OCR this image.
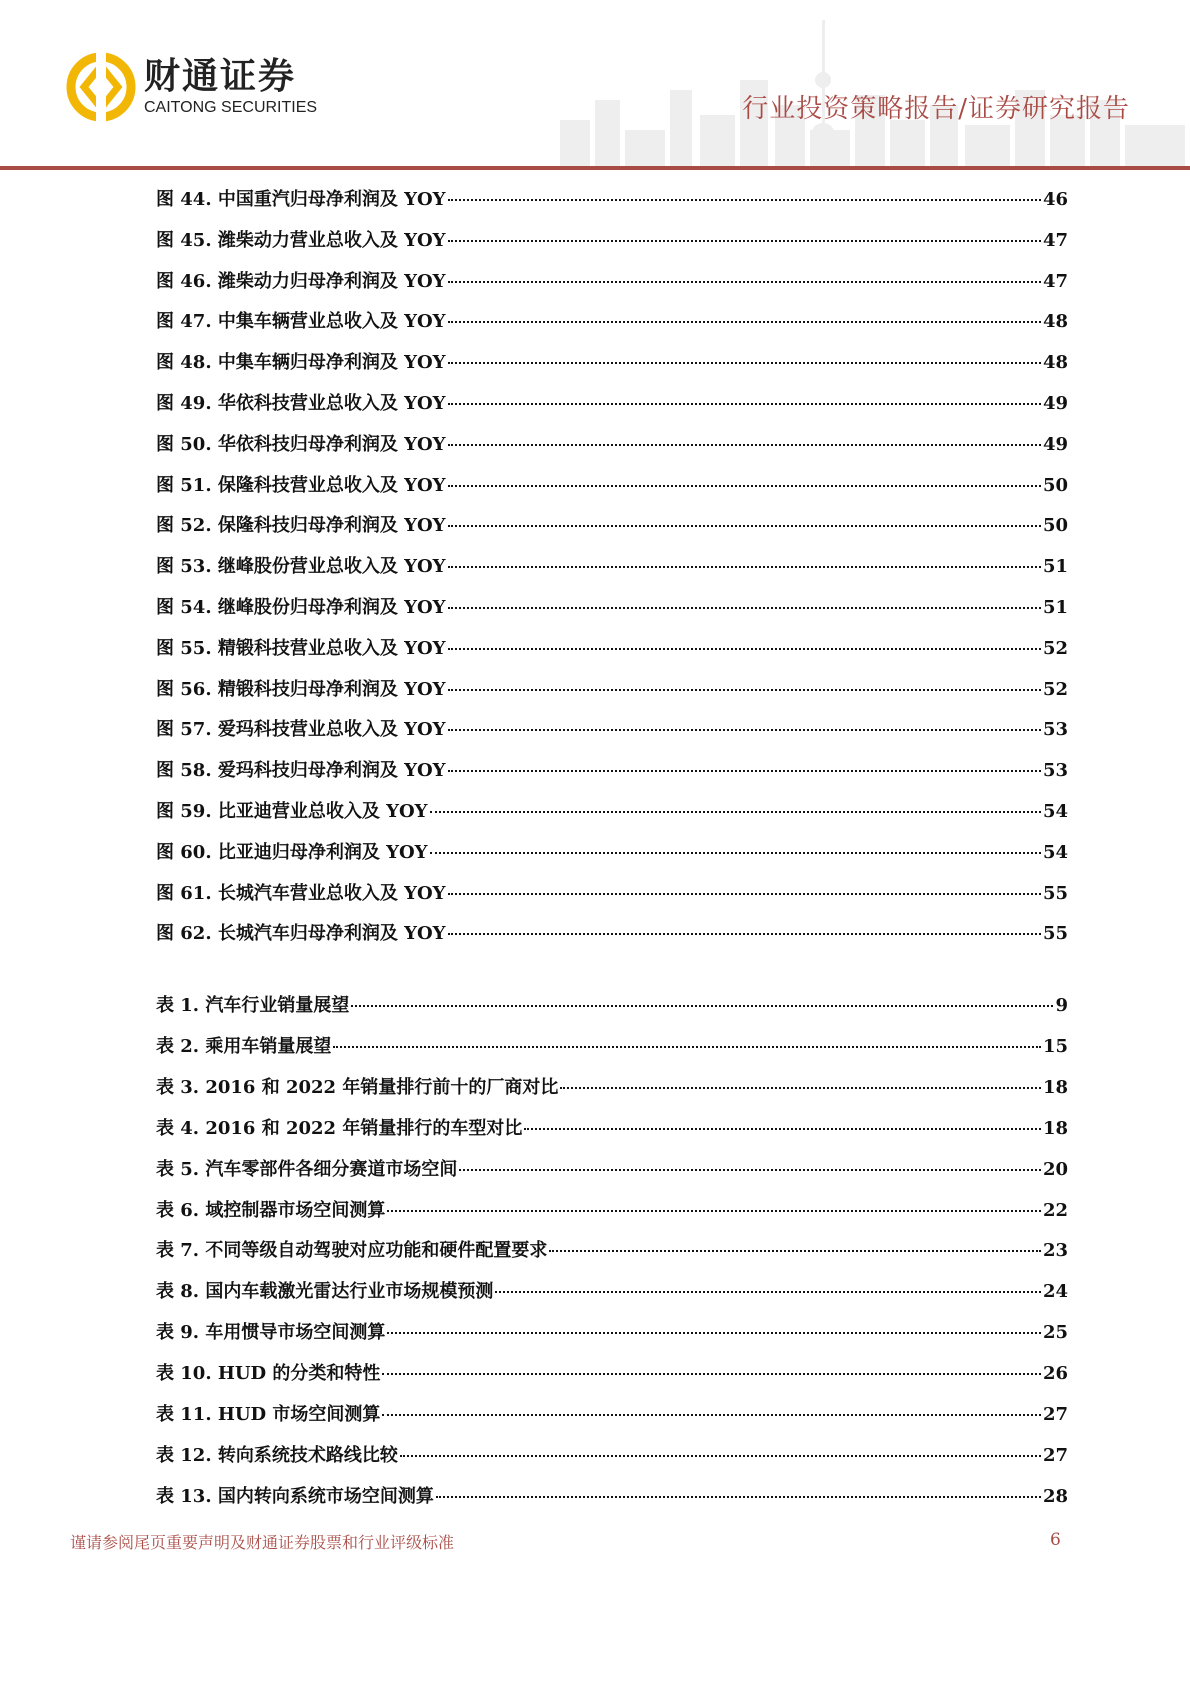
财通证券
CAITONG SECURITIES	行业投资策略报告/证券研究报告
图 44. 中国重汽归母净利润及 YOY	46
图 45. 潍柴动力营业总收入及 YOY	47
图 46. 潍柴动力归母净利润及 YOY	47
图 47. 中集车辆营业总收入及 YOY	48
图 48. 中集车辆归母净利润及 YOY	48
图 49. 华依科技营业总收入及 YOY	49
图 50. 华依科技归母净利润及 YOY	49
图 51. 保隆科技营业总收入及 YOY	50
图 52. 保隆科技归母净利润及 YOY	50
图 53. 继峰股份营业总收入及 YOY	51
图 54. 继峰股份归母净利润及 YOY	51
图 55. 精锻科技营业总收入及 YOY	52
图 56. 精锻科技归母净利润及 YOY	52
图 57. 爱玛科技营业总收入及 YOY	53
图 58. 爱玛科技归母净利润及 YOY	53
图 59. 比亚迪营业总收入及 YOY	54
图 60. 比亚迪归母净利润及 YOY	54
图 61. 长城汽车营业总收入及 YOY	55
图 62. 长城汽车归母净利润及 YOY	55
表 1. 汽车行业销量展望	9
表 2. 乘用车销量展望	15
表 3. 2016 和 2022 年销量排行前十的厂商对比	18
表 4. 2016 和 2022 年销量排行的车型对比	18
表 5. 汽车零部件各细分赛道市场空间	20
表 6. 域控制器市场空间测算	22
表 7. 不同等级自动驾驶对应功能和硬件配置要求	23
表 8. 国内车载激光雷达行业市场规模预测	24
表 9. 车用惯导市场空间测算	25
表 10. HUD 的分类和特性	26
表 11. HUD 市场空间测算	27
表 12. 转向系统技术路线比较	27
表 13. 国内转向系统市场空间测算	28
谨请参阅尾页重要声明及财通证券股票和行业评级标准	6
